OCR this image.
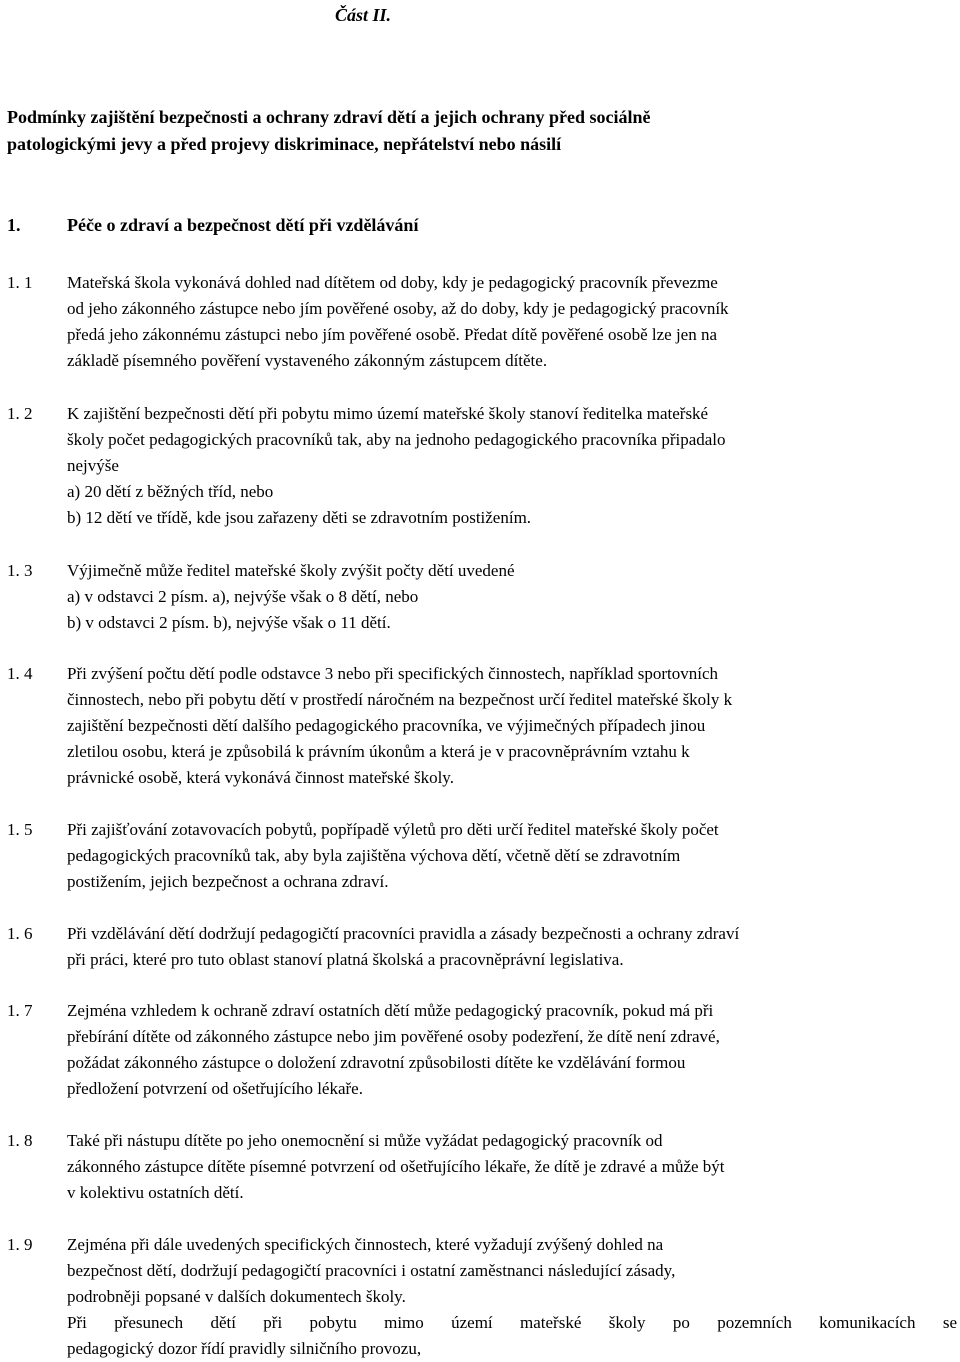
Část II.
Podmínky zajištění bezpečnosti a ochrany zdraví dětí a jejich ochrany před sociálně
patologickými jevy a před projevy diskriminace, nepřátelství nebo násilí
1.	Péče o zdraví a bezpečnost dětí při vzdělávání
1. 1	Mateřská škola vykonává dohled nad dítětem od doby, kdy je pedagogický pracovník převezme
od jeho zákonného zástupce nebo jím pověřené osoby, až do doby, kdy je pedagogický pracovník
předá jeho zákonnému zástupci nebo jím pověřené osobě. Předat dítě pověřené osobě lze jen na
základě písemného pověření vystaveného zákonným zástupcem dítěte.
1. 2	K zajištění bezpečnosti dětí při pobytu mimo území mateřské školy stanoví ředitelka mateřské
školy počet pedagogických pracovníků tak, aby na jednoho pedagogického pracovníka připadalo
nejvýše
a) 20 dětí z běžných tříd, nebo
b) 12 dětí ve třídě, kde jsou zařazeny děti se zdravotním postižením.
1. 3	Výjimečně může ředitel mateřské školy zvýšit počty dětí uvedené
a) v odstavci 2 písm. a), nejvýše však o 8 dětí, nebo
b) v odstavci 2 písm. b), nejvýše však o 11 dětí.
1. 4	Při zvýšení počtu dětí podle odstavce 3 nebo při specifických činnostech, například sportovních
činnostech, nebo při pobytu dětí v prostředí náročném na bezpečnost určí ředitel mateřské školy k
zajištění bezpečnosti dětí dalšího pedagogického pracovníka, ve výjimečných případech jinou
zletilou osobu, která je způsobilá k právním úkonům a která je v pracovněprávním vztahu k
právnické osobě, která vykonává činnost mateřské školy.
1. 5	Při zajišťování zotavovacích pobytů, popřípadě výletů pro děti určí ředitel mateřské školy počet
pedagogických pracovníků tak, aby byla zajištěna výchova dětí, včetně dětí se zdravotním
postižením, jejich bezpečnost a ochrana zdraví.
1. 6	Při vzdělávání dětí dodržují pedagogičtí pracovníci pravidla a zásady bezpečnosti a ochrany zdraví
při práci, které pro tuto oblast stanoví platná školská a pracovněprávní legislativa.
1. 7	Zejména vzhledem k ochraně zdraví ostatních dětí může pedagogický pracovník, pokud má při
přebírání dítěte od zákonného zástupce nebo jim pověřené osoby podezření, že dítě není zdravé,
požádat zákonného zástupce o doložení zdravotní způsobilosti dítěte ke vzdělávání formou
předložení potvrzení od ošetřujícího lékaře.
1. 8	Také při nástupu dítěte po jeho onemocnění si může vyžádat pedagogický pracovník od
zákonného zástupce dítěte písemné potvrzení od ošetřujícího lékaře, že dítě je zdravé a může být
v kolektivu ostatních dětí.
1. 9	Zejména při dále uvedených specifických činnostech, které vyžadují zvýšený dohled na
bezpečnost dětí, dodržují pedagogičtí pracovníci i ostatní zaměstnanci následující zásady,
podrobněji popsané v dalších dokumentech školy.
Při přesunech dětí při pobytu mimo území mateřské školy po pozemních komunikacích se
pedagogický dozor řídí pravidly silničního provozu,
